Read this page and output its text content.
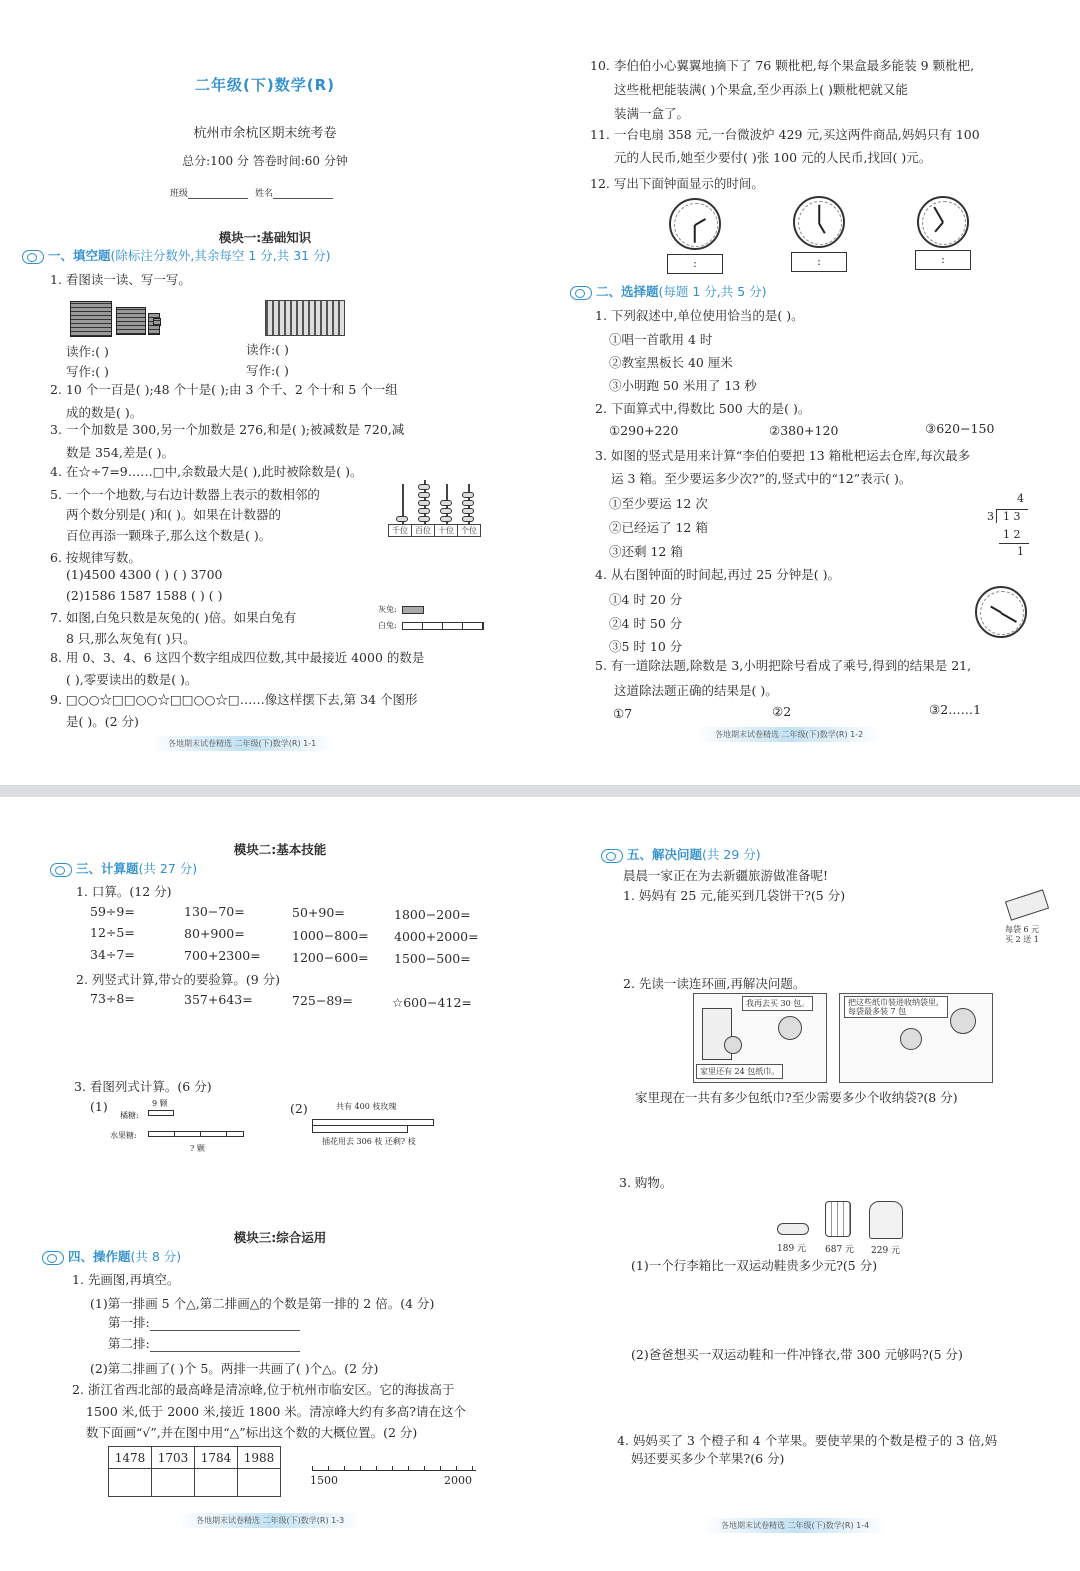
二年级(下)数学(R)
杭州市余杭区期末统考卷
总分:100 分 答卷时间:60 分钟
班级	姓名
模块一:基础知识
一、填空题(除标注分数外,其余每空 1 分,共 31 分)
1. 看图读一读、写一写。
读作:( )
写作:( )
读作:( )
写作:( )
2. 10 个一百是( );48 个十是( );由 3 个千、2 个十和 5 个一组
成的数是( )。
3. 一个加数是 300,另一个加数是 276,和是( );被减数是 720,减
数是 354,差是( )。
4. 在☆÷7=9……□中,余数最大是( ),此时被除数是( )。
5. 一个一个地数,与右边计数器上表示的数相邻的
两个数分别是( )和( )。如果在计数器的
百位再添一颗珠子,那么这个数是( )。	千位 百位 十位 个位
6. 按规律写数。
(1)4500 4300 ( ) ( ) 3700
(2)1586 1587 1588 ( ) ( )
7. 如图,白兔只数是灰兔的( )倍。如果白兔有
8 只,那么灰兔有( )只。
灰兔:
白兔:
8. 用 0、3、4、6 这四个数字组成四位数,其中最接近 4000 的数是
( ),零要读出的数是( )。
9. □○○☆□□○○☆□□○○☆□……像这样摆下去,第 34 个图形
是( )。(2 分)
各地期末试卷精选 二年级(下)数学(R) 1-1
10. 李伯伯小心翼翼地摘下了 76 颗枇杷,每个果盒最多能装 9 颗枇杷,
这些枇杷能装满( )个果盒,至少再添上( )颗枇杷就又能
装满一盒了。
11. 一台电扇 358 元,一台微波炉 429 元,买这两件商品,妈妈只有 100
元的人民币,她至少要付( )张 100 元的人民币,找回( )元。
12. 写出下面钟面显示的时间。
:	:	:
二、选择题(每题 1 分,共 5 分)
1. 下列叙述中,单位使用恰当的是( )。
①唱一首歌用 4 时
②教室黑板长 40 厘米
③小明跑 50 米用了 13 秒
2. 下面算式中,得数比 500 大的是( )。
①290+220	②380+120	③620−150
3. 如图的竖式是用来计算“李伯伯要把 13 箱枇杷运去仓库,每次最多
运 3 箱。至少要运多少次?”的,竖式中的“12”表示( )。
①至少要运 12 次
②已经运了 12 箱
③还剩 12 箱
4
3 1 3
1 2
1
4. 从右图钟面的时间起,再过 25 分钟是( )。
①4 时 20 分
②4 时 50 分
③5 时 10 分
5. 有一道除法题,除数是 3,小明把除号看成了乘号,得到的结果是 21,
这道除法题正确的结果是( )。
①7	②2	③2……1
各地期末试卷精选 二年级(下)数学(R) 1-2
模块二:基本技能
三、计算题(共 27 分)
1. 口算。(12 分)
59÷9=	130−70=	50+90=	1800−200=
12÷5=	80+900=	1000−800= 4000+2000=
34÷7=	700+2300=	1200−600= 1500−500=
2. 列竖式计算,带☆的要验算。(9 分)
73÷8=	357+643=	725−89=	☆600−412=
3. 看图列式计算。(6 分)
(1)	9 颗
橘糖:
水果糖:
? 颗
(2)	共有 400 枝玫瑰
插花用去 306 枝 还剩? 枝
模块三:综合运用
四、操作题(共 8 分)
1. 先画图,再填空。
(1)第一排画 5 个△,第二排画△的个数是第一排的 2 倍。(4 分)
第一排:
第二排:
(2)第二排画了( )个 5。两排一共画了( )个△。(2 分)
2. 浙江省西北部的最高峰是清凉峰,位于杭州市临安区。它的海拔高于
1500 米,低于 2000 米,接近 1800 米。清凉峰大约有多高?请在这个
数下面画“√”,并在图中用“△”标出这个数的大概位置。(2 分)
1478	1703	1784	1988

1500	2000
各地期末试卷精选 二年级(下)数学(R) 1-3
五、解决问题(共 29 分)
晨晨一家正在为去新疆旅游做准备呢!
1. 妈妈有 25 元,能买到几袋饼干?(5 分)
每袋 6 元
买 2 送 1
2. 先读一读连环画,再解决问题。
我再去买 30 包。
家里还有 24 包纸巾。
把这些纸巾装进收纳袋里,每袋最多装 7 包
家里现在一共有多少包纸巾?至少需要多少个收纳袋?(8 分)
3. 购物。
189 元 687 元 229 元
(1)一个行李箱比一双运动鞋贵多少元?(5 分)
(2)爸爸想买一双运动鞋和一件冲锋衣,带 300 元够吗?(5 分)
4. 妈妈买了 3 个橙子和 4 个苹果。要使苹果的个数是橙子的 3 倍,妈
妈还要买多少个苹果?(6 分)
各地期末试卷精选 二年级(下)数学(R) 1-4
